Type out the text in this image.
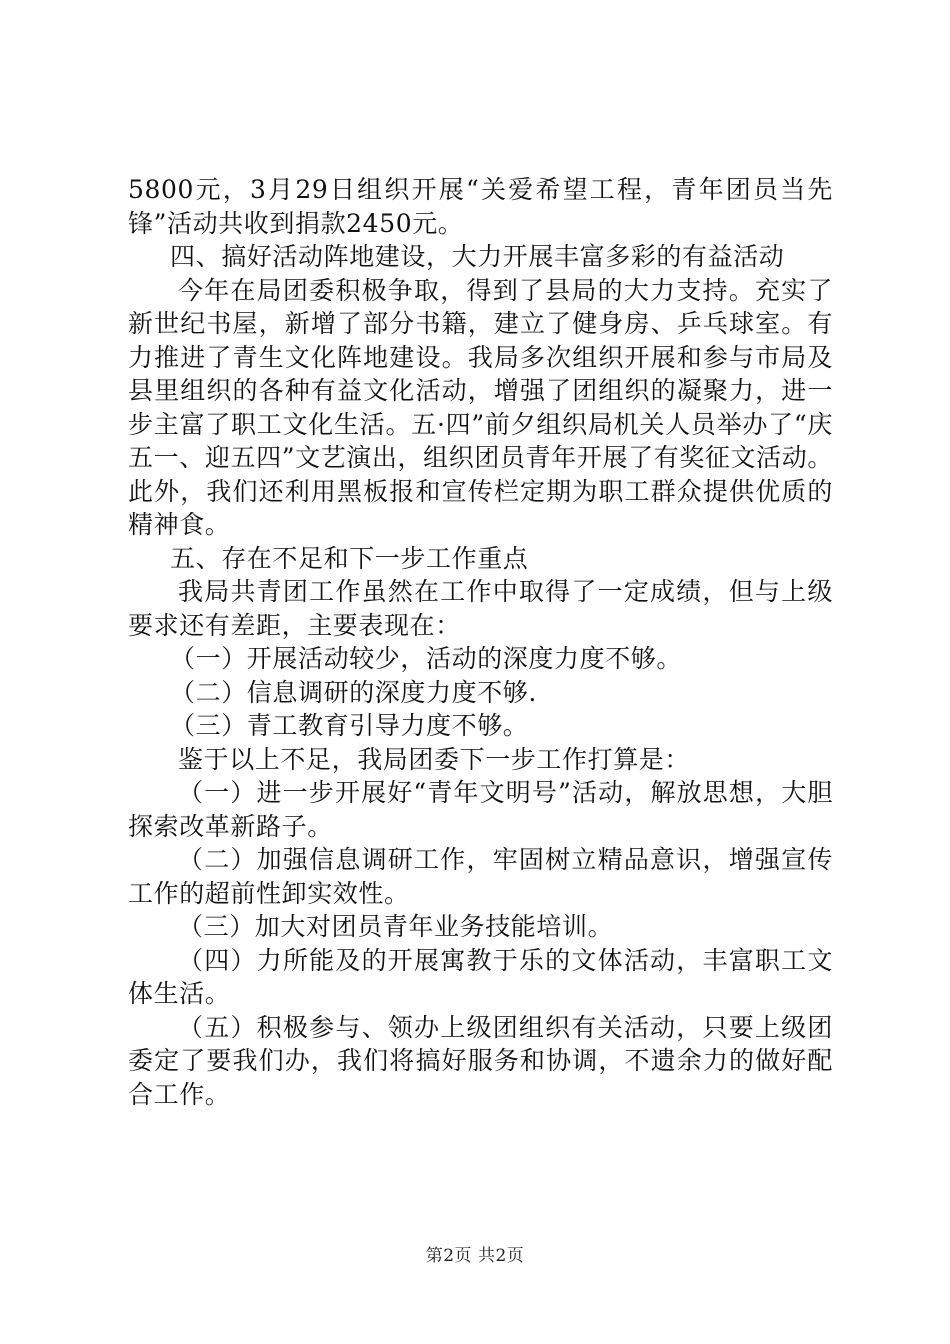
5800元，3月29日组织开展“关爱希望工程，青年团员当先锋”活动共收到捐款2450元。

四、搞好活动阵地建设，大力开展丰富多彩的有益活动

今年在局团委积极争取，得到了县局的大力支持。充实了新世纪书屋，新增了部分书籍，建立了健身房、乒乓球室。有力推进了青生文化阵地建设。我局多次组织开展和参与市局及县里组织的各种有益文化活动，增强了团组织的凝聚力，进一步主富了职工文化生活。五·四”前夕组织局机关人员举办了“庆五一、迎五四”文艺演出，组织团员青年开展了有奖征文活动。此外，我们还利用黑板报和宣传栏定期为职工群众提供优质的精神食。

五、存在不足和下一步工作重点

我局共青团工作虽然在工作中取得了一定成绩，但与上级要求还有差距，主要表现在：

（一）开展活动较少，活动的深度力度不够。

（二）信息调研的深度力度不够.

（三）青工教育引导力度不够。

鉴于以上不足，我局团委下一步工作打算是：

（一）进一步开展好“青年文明号”活动，解放思想，大胆探索改革新路子。

（二）加强信息调研工作，牢固树立精品意识，增强宣传工作的超前性卸实效性。

（三）加大对团员青年业务技能培训。

（四）力所能及的开展寓教于乐的文体活动，丰富职工文体生活。

（五）积极参与、领办上级团组织有关活动，只要上级团委定了要我们办，我们将搞好服务和协调，不遗余力的做好配合工作。

第2页 共2页
